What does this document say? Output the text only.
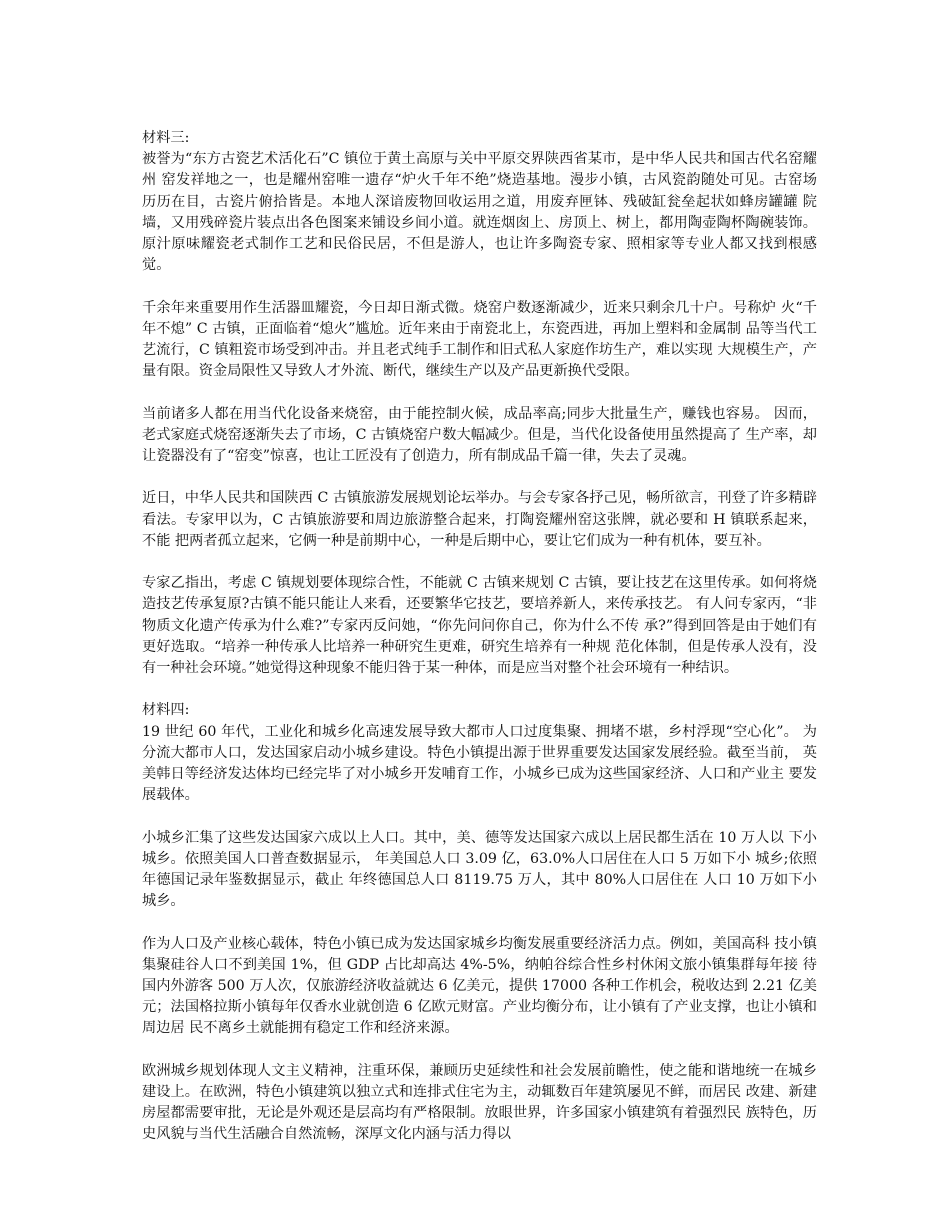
材料三:

被誉为“东方古瓷艺术活化石”C 镇位于黄土高原与关中平原交界陕西省某市，是中华人民共和国古代名窑耀州 窑发祥地之一，也是耀州窑唯一遗存“炉火千年不绝”烧造基地。漫步小镇，古风瓷韵随处可见。古窑场 历历在目，古瓷片俯拾皆是。本地人深谙废物回收运用之道，用废弃匣钵、残破缸瓮垒起状如蜂房罐罐 院墙，又用残碎瓷片装点出各色图案来铺设乡间小道。就连烟囱上、房顶上、树上，都用陶壶陶杯陶碗装饰。 原汁原味耀瓷老式制作工艺和民俗民居，不但是游人，也让许多陶瓷专家、照相家等专业人都又找到根感觉。

千余年来重要用作生活器皿耀瓷，今日却日渐式微。烧窑户数逐渐减少，近来只剩余几十户。号称炉 火“千年不熄” C 古镇，正面临着“熄火”尴尬。近年来由于南瓷北上，东瓷西进，再加上塑料和金属制 品等当代工艺流行，C 镇粗瓷市场受到冲击。并且老式纯手工制作和旧式私人家庭作坊生产，难以实现 大规模生产，产量有限。资金局限性又导致人才外流、断代，继续生产以及产品更新换代受限。

当前诸多人都在用当代化设备来烧窑，由于能控制火候，成品率高;同步大批量生产，赚钱也容易。 因而，老式家庭式烧窑逐渐失去了市场，C 古镇烧窑户数大幅减少。但是，当代化设备使用虽然提高了 生产率，却让瓷器没有了“窑变”惊喜，也让工匠没有了创造力，所有制成品千篇一律，失去了灵魂。

近日，中华人民共和国陕西 C 古镇旅游发展规划论坛举办。与会专家各抒己见，畅所欲言，刊登了许多精辟看法。专家甲以为，C 古镇旅游要和周边旅游整合起来，打陶瓷耀州窑这张牌，就必要和 H 镇联系起来，不能 把两者孤立起来，它俩一种是前期中心，一种是后期中心，要让它们成为一种有机体，要互补。

专家乙指出，考虑 C 镇规划要体现综合性，不能就 C 古镇来规划 C 古镇，要让技艺在这里传承。如何将烧造技艺传承复原?古镇不能只能让人来看，还要繁华它技艺，要培养新人，来传承技艺。 有人问专家丙，“非物质文化遗产传承为什么难?”专家丙反问她，“你先问问你自己，你为什么不传 承?”得到回答是由于她们有更好选取。“培养一种传承人比培养一种研究生更难，研究生培养有一种规 范化体制，但是传承人没有，没有一种社会环境。”她觉得这种现象不能归咎于某一种体，而是应当对整个社会环境有一种结识。

材料四:

19 世纪 60 年代，工业化和城乡化高速发展导致大都市人口过度集聚、拥堵不堪，乡村浮现“空心化”。 为分流大都市人口，发达国家启动小城乡建设。特色小镇提出源于世界重要发达国家发展经验。截至当前， 英美韩日等经济发达体均已经完毕了对小城乡开发哺育工作，小城乡已成为这些国家经济、人口和产业主 要发展载体。

小城乡汇集了这些发达国家六成以上人口。其中，美、德等发达国家六成以上居民都生活在 10 万人以 下小城乡。依照美国人口普查数据显示， 年美国总人口 3.09 亿，63.0%人口居住在人口 5 万如下小 城乡;依照 年德国记录年鉴数据显示，截止 年终德国总人口 8119.75 万人，其中 80%人口居住在 人口 10 万如下小城乡。

作为人口及产业核心载体，特色小镇已成为发达国家城乡均衡发展重要经济活力点。例如，美国高科 技小镇集聚硅谷人口不到美国 1%，但 GDP 占比却高达 4%-5%，纳帕谷综合性乡村休闲文旅小镇集群每年接 待国内外游客 500 万人次，仅旅游经济收益就达 6 亿美元，提供 17000 各种工作机会，税收达到 2.21 亿美元；法国格拉斯小镇每年仅香水业就创造 6 亿欧元财富。产业均衡分布，让小镇有了产业支撑，也让小镇和周边居 民不离乡土就能拥有稳定工作和经济来源。

欧洲城乡规划体现人文主义精神，注重环保，兼顾历史延续性和社会发展前瞻性，使之能和谐地统一在城乡建设上。在欧洲，特色小镇建筑以独立式和连排式住宅为主，动辄数百年建筑屡见不鲜，而居民 改建、新建房屋都需要审批，无论是外观还是层高均有严格限制。放眼世界，许多国家小镇建筑有着强烈民 族特色，历史风貌与当代生活融合自然流畅，深厚文化内涵与活力得以
